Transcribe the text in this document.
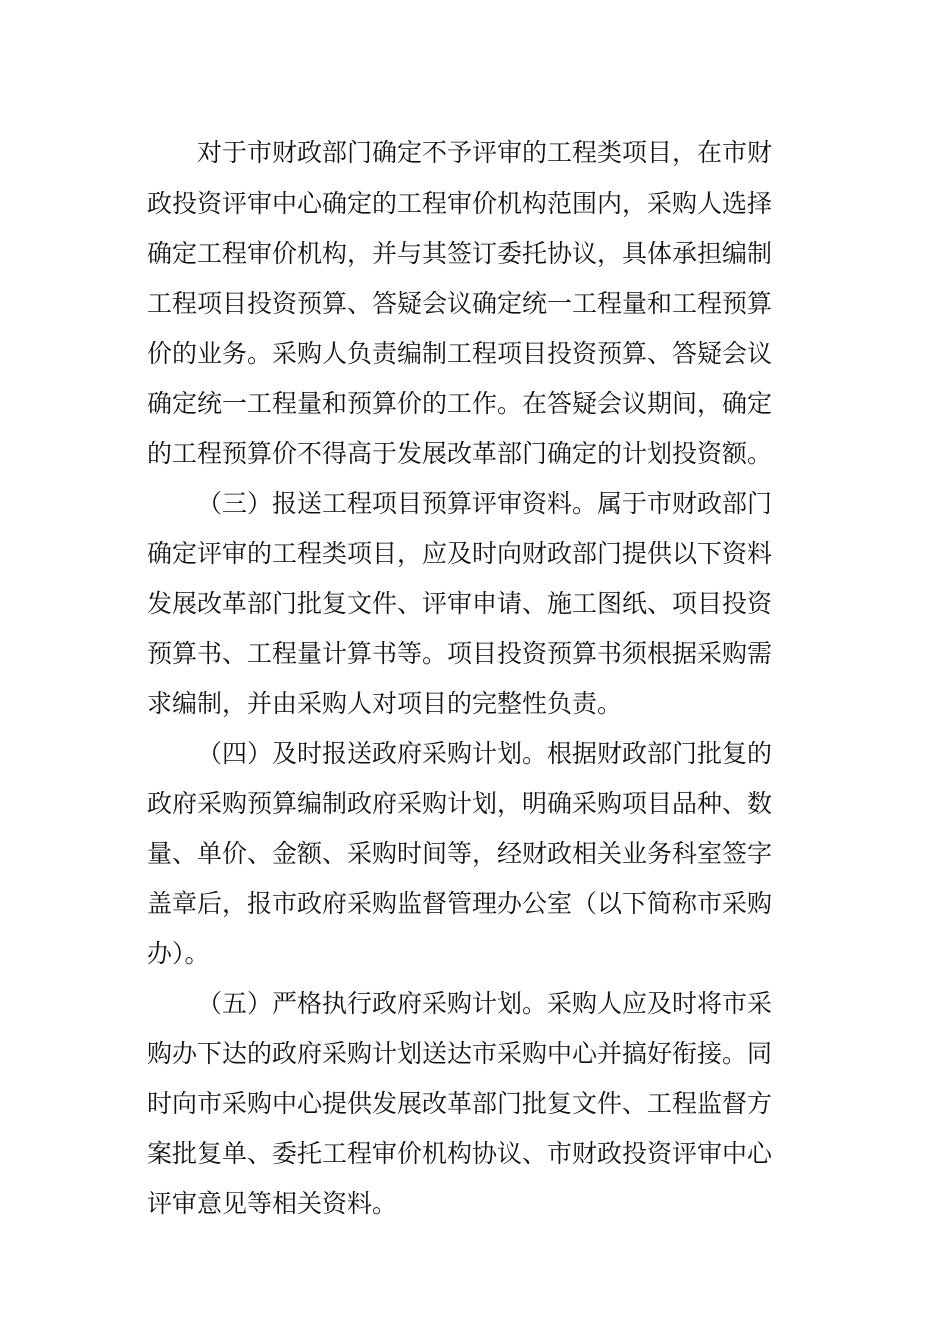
对于市财政部门确定不予评审的工程类项目，在市财
政投资评审中心确定的工程审价机构范围内，采购人选择
确定工程审价机构，并与其签订委托协议，具体承担编制
工程项目投资预算、答疑会议确定统一工程量和工程预算
价的业务。采购人负责编制工程项目投资预算、答疑会议
确定统一工程量和预算价的工作。在答疑会议期间，确定
的工程预算价不得高于发展改革部门确定的计划投资额。
（三）报送工程项目预算评审资料。属于市财政部门
确定评审的工程类项目，应及时向财政部门提供以下资料
发展改革部门批复文件、评审申请、施工图纸、项目投资
预算书、工程量计算书等。项目投资预算书须根据采购需
求编制，并由采购人对项目的完整性负责。
（四）及时报送政府采购计划。根据财政部门批复的
政府采购预算编制政府采购计划，明确采购项目品种、数
量、单价、金额、采购时间等，经财政相关业务科室签字
盖章后，报市政府采购监督管理办公室（以下简称市采购
办）。
（五）严格执行政府采购计划。采购人应及时将市采
购办下达的政府采购计划送达市采购中心并搞好衔接。同
时向市采购中心提供发展改革部门批复文件、工程监督方
案批复单、委托工程审价机构协议、市财政投资评审中心
评审意见等相关资料。
